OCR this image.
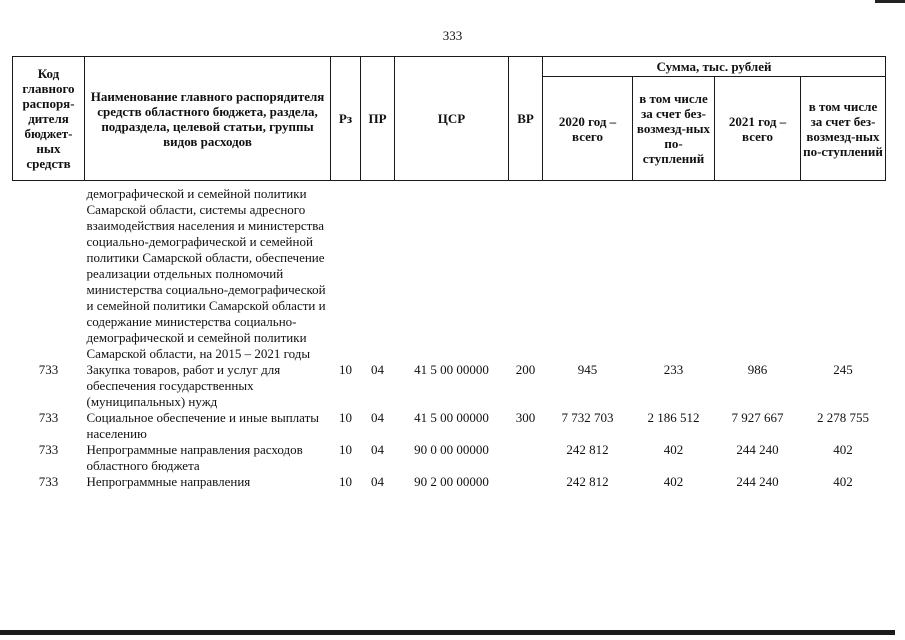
333
Код главного распоря-дителя бюджет-ных средств	Наименование главного распорядителя средств областного бюджета, раздела, подраздела, целевой статьи, группы видов расходов	Рз	ПР	ЦСР	ВР	Сумма, тыс. рублей			
						2020 год – всего	в том числе за счет без-возмезд-ных по-ступлений	2021 год – всего	в том числе за счет без-возмезд-ных по-ступлений

	демографической и семейной политики Самарской области, системы адресного взаимодействия населения и министерства социально-демографической и семейной политики Самарской области, обеспечение реализации отдельных полномочий министерства социально-демографической и семейной политики Самарской области и содержание министерства социально-демографической и семейной политики Самарской области, на 2015 – 2021 годы								
733	Закупка товаров, работ и услуг для обеспечения государственных (муниципальных) нужд	10	04	41 5 00 00000	200	945	233	986	245
733	Социальное обеспечение и иные выплаты населению	10	04	41 5 00 00000	300	7 732 703	2 186 512	7 927 667	2 278 755
733	Непрограммные направления расходов областного бюджета	10	04	90 0 00 00000		242 812	402	244 240	402
733	Непрограммные направления	10	04	90 2 00 00000		242 812	402	244 240	402
